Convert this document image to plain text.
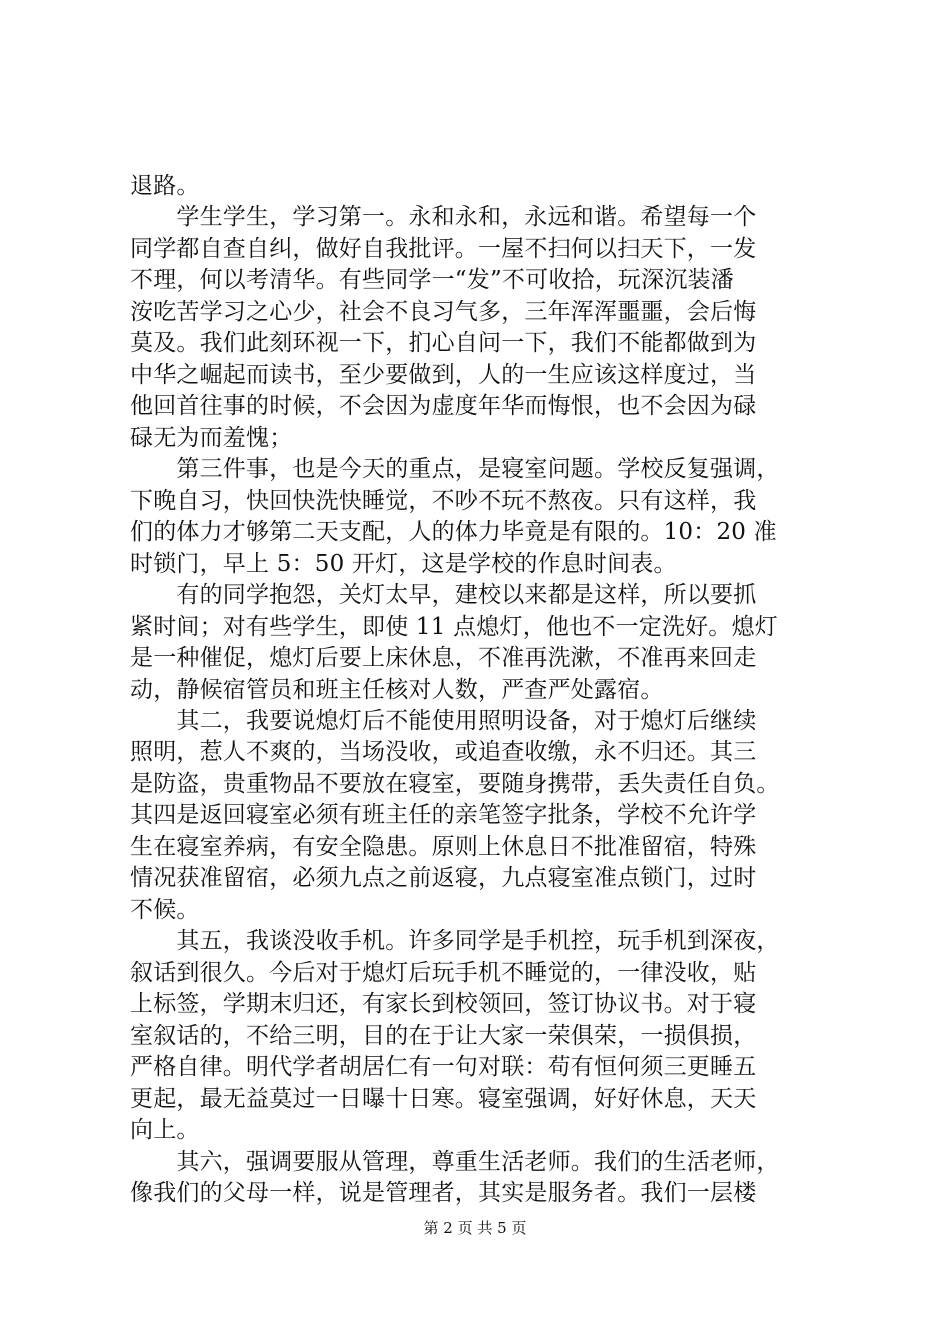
退路。
　　学生学生，学习第一。永和永和，永远和谐。希望每一个
同学都自查自纠，做好自我批评。一屋不扫何以扫天下，一发
不理，何以考清华。有些同学一“发”不可收拾，玩深沉装潘
洝吃苦学习之心少，社会不良习气多，三年浑浑噩噩，会后悔
莫及。我们此刻环视一下，扪心自问一下，我们不能都做到为
中华之崛起而读书，至少要做到，人的一生应该这样度过，当
他回首往事的时候，不会因为虚度年华而悔恨，也不会因为碌
碌无为而羞愧；
　　第三件事，也是今天的重点，是寝室问题。学校反复强调，
下晚自习，快回快洗快睡觉，不吵不玩不熬夜。只有这样，我
们的体力才够第二天支配，人的体力毕竟是有限的。10：20 准
时锁门，早上 5：50 开灯，这是学校的作息时间表。
　　有的同学抱怨，关灯太早，建校以来都是这样，所以要抓
紧时间；对有些学生，即使 11 点熄灯，他也不一定洗好。熄灯
是一种催促，熄灯后要上床休息，不准再洗漱，不准再来回走
动，静候宿管员和班主任核对人数，严查严处露宿。
　　其二，我要说熄灯后不能使用照明设备，对于熄灯后继续
照明，惹人不爽的，当场没收，或追查收缴，永不归还。其三
是防盗，贵重物品不要放在寝室，要随身携带，丢失责任自负。
其四是返回寝室必须有班主任的亲笔签字批条，学校不允许学
生在寝室养病，有安全隐患。原则上休息日不批准留宿，特殊
情况获准留宿，必须九点之前返寝，九点寝室准点锁门，过时
不候。
　　其五，我谈没收手机。许多同学是手机控，玩手机到深夜，
叙话到很久。今后对于熄灯后玩手机不睡觉的，一律没收，贴
上标签，学期末归还，有家长到校领回，签订协议书。对于寝
室叙话的，不给三明，目的在于让大家一荣俱荣，一损俱损，
严格自律。明代学者胡居仁有一句对联：苟有恒何须三更睡五
更起，最无益莫过一日曝十日寒。寝室强调，好好休息，天天
向上。
　　其六，强调要服从管理，尊重生活老师。我们的生活老师，
像我们的父母一样，说是管理者，其实是服务者。我们一层楼
第 2 页 共 5 页
